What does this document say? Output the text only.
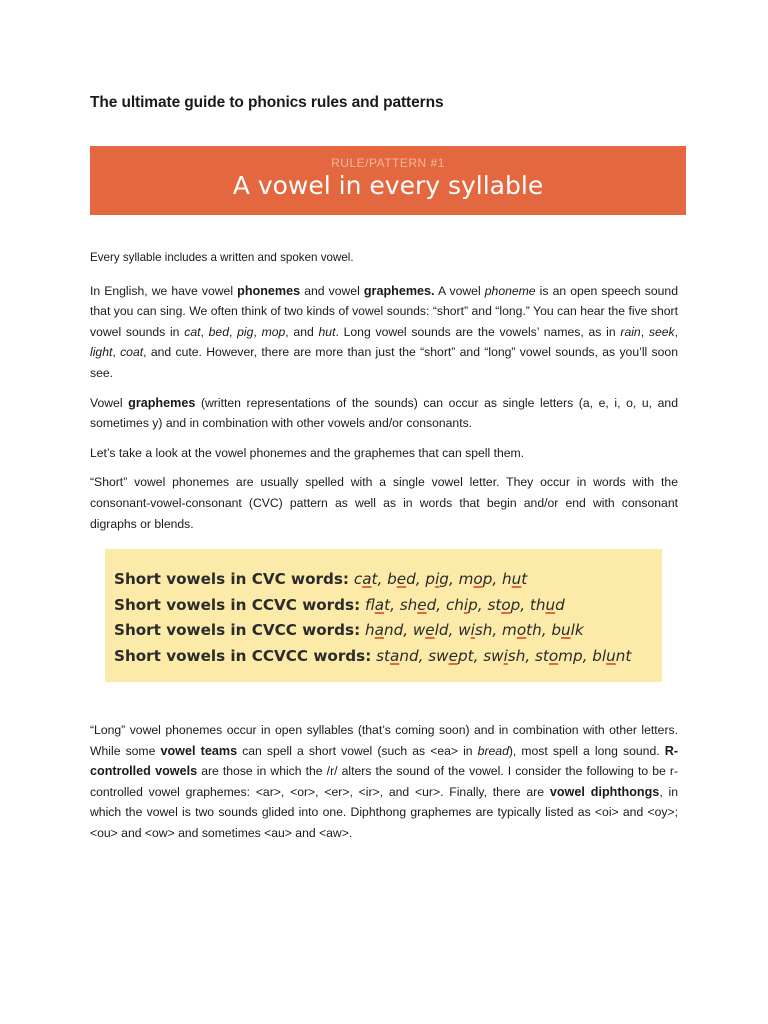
The ultimate guide to phonics rules and patterns
RULE/PATTERN #1
A vowel in every syllable

Every syllable includes a written and spoken vowel.

In English, we have vowel phonemes and vowel graphemes. A vowel phoneme is an open speech sound that you can sing. We often think of two kinds of vowel sounds: “short” and “long.” You can hear the five short vowel sounds in cat, bed, pig, mop, and hut. Long vowel sounds are the vowels’ names, as in rain, seek, light, coat, and cute. However, there are more than just the “short” and “long” vowel sounds, as you’ll soon see.

Vowel graphemes (written representations of the sounds) can occur as single letters (a, e, i, o, u, and sometimes y) and in combination with other vowels and/or consonants.

Let’s take a look at the vowel phonemes and the graphemes that can spell them.

“Short” vowel phonemes are usually spelled with a single vowel letter. They occur in words with the consonant-vowel-consonant (CVC) pattern as well as in words that begin and/or end with consonant digraphs or blends.

Short vowels in CVC words: cat, bed, pig, mop, hut
Short vowels in CCVC words: flat, shed, chip, stop, thud
Short vowels in CVCC words: hand, weld, wish, moth, bulk
Short vowels in CCVCC words: stand, swept, swish, stomp, blunt

“Long” vowel phonemes occur in open syllables (that’s coming soon) and in combination with other letters. While some vowel teams can spell a short vowel (such as <ea> in bread), most spell a long sound. R-controlled vowels are those in which the /r/ alters the sound of the vowel. I consider the following to be r-controlled vowel graphemes: <ar>, <or>, <er>, <ir>, and <ur>. Finally, there are vowel diphthongs, in which the vowel is two sounds glided into one. Diphthong graphemes are typically listed as <oi> and <oy>; <ou> and <ow> and sometimes <au> and <aw>.
